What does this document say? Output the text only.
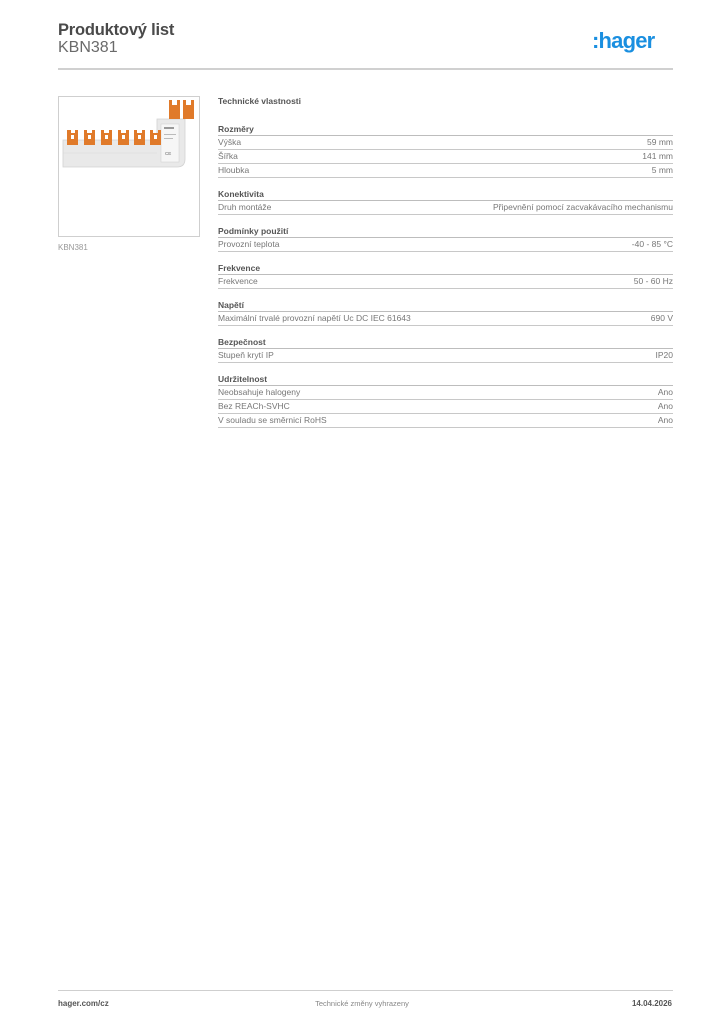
Produktový list
KBN381	:hager
CE
KBN381
Technické vlastnosti
Rozměry
Výška	59 mm
Šířka	141 mm
Hloubka	5 mm
Konektivita
Druh montáže	Připevnění pomocí zacvakávacího mechanismu
Podmínky použití
Provozní teplota	-40 - 85 °C
Frekvence
Frekvence	50 - 60 Hz
Napětí
Maximální trvalé provozní napětí Uc DC IEC 61643	690 V
Bezpečnost
Stupeň krytí IP	IP20
Udržitelnost
Neobsahuje halogeny	Ano
Bez REACh-SVHC	Ano
V souladu se směrnicí RoHS	Ano
hager.com/cz	Technické změny vyhrazeny	14.04.2026
